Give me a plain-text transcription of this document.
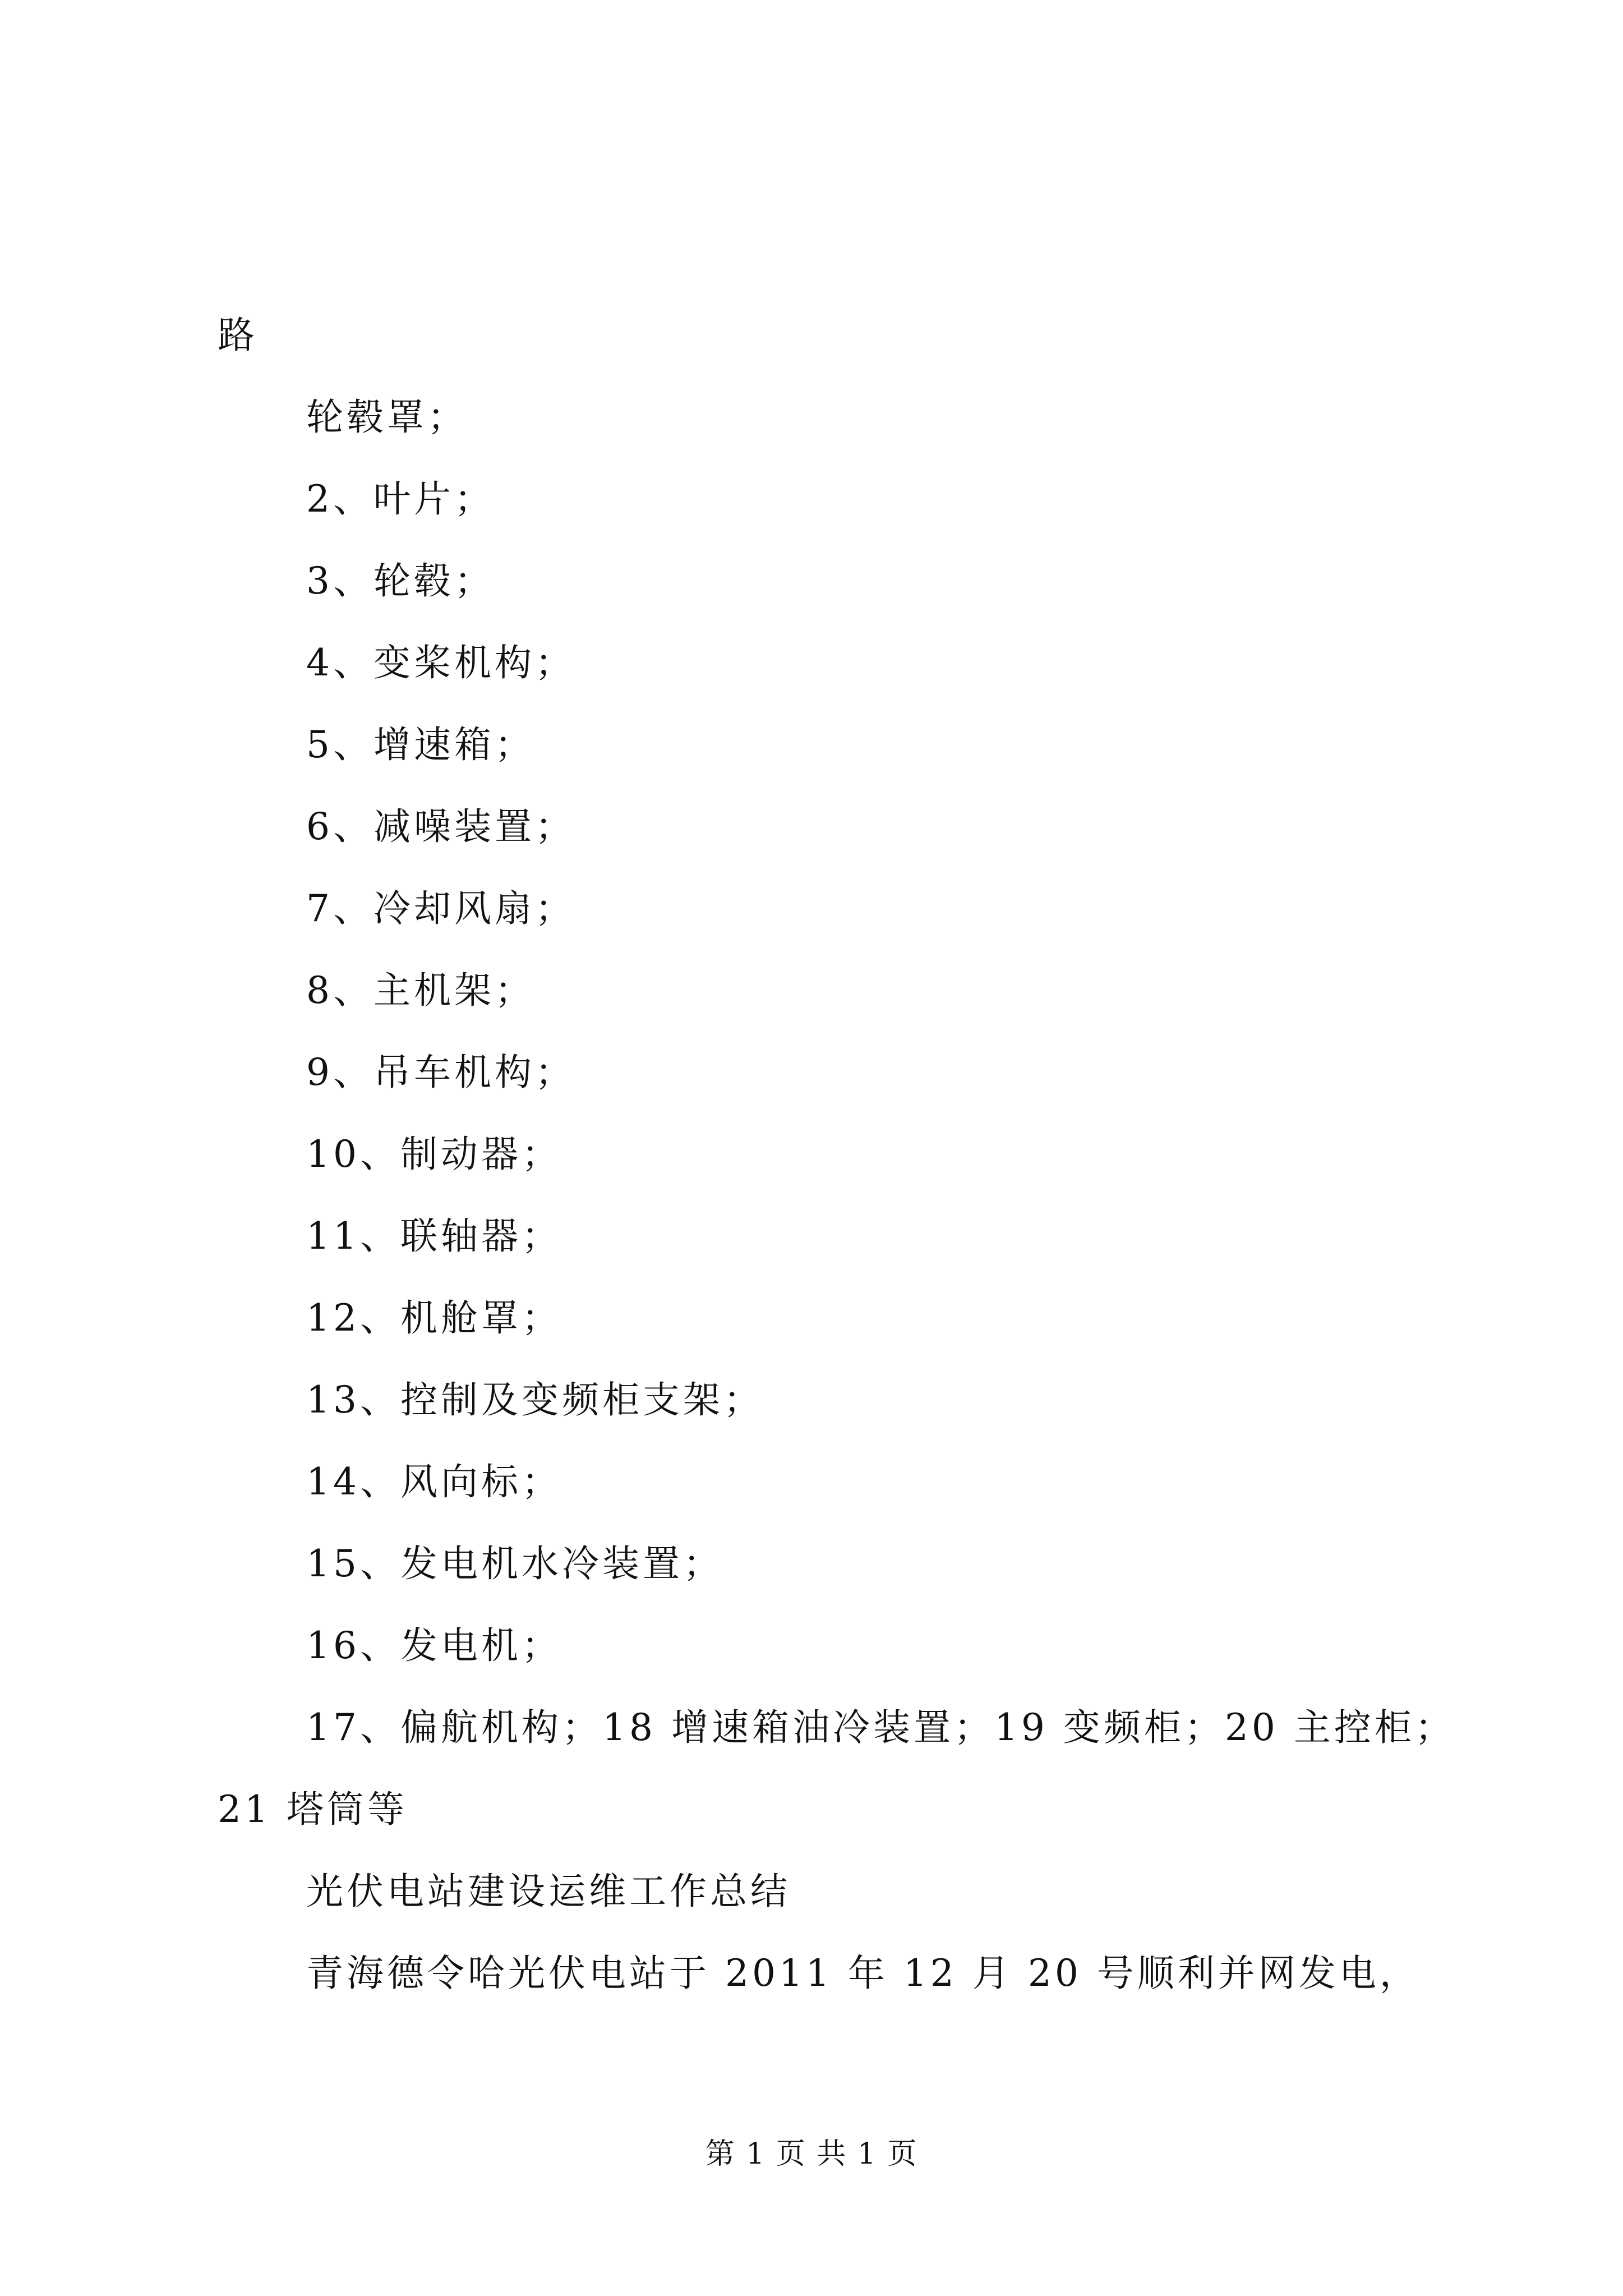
路
轮毂罩；
2、叶片；
3、轮毂；
4、变桨机构；
5、增速箱；
6、减噪装置；
7、冷却风扇；
8、主机架；
9、吊车机构；
10、制动器；
11、联轴器；
12、机舱罩；
13、控制及变频柜支架；
14、风向标；
15、发电机水冷装置；
16、发电机；
17、偏航机构；18 增速箱油冷装置；19 变频柜；20 主控柜；
21 塔筒等
光伏电站建设运维工作总结
青海德令哈光伏电站于 2011 年 12 月 20 号顺利并网发电，
第 1 页 共 1 页
